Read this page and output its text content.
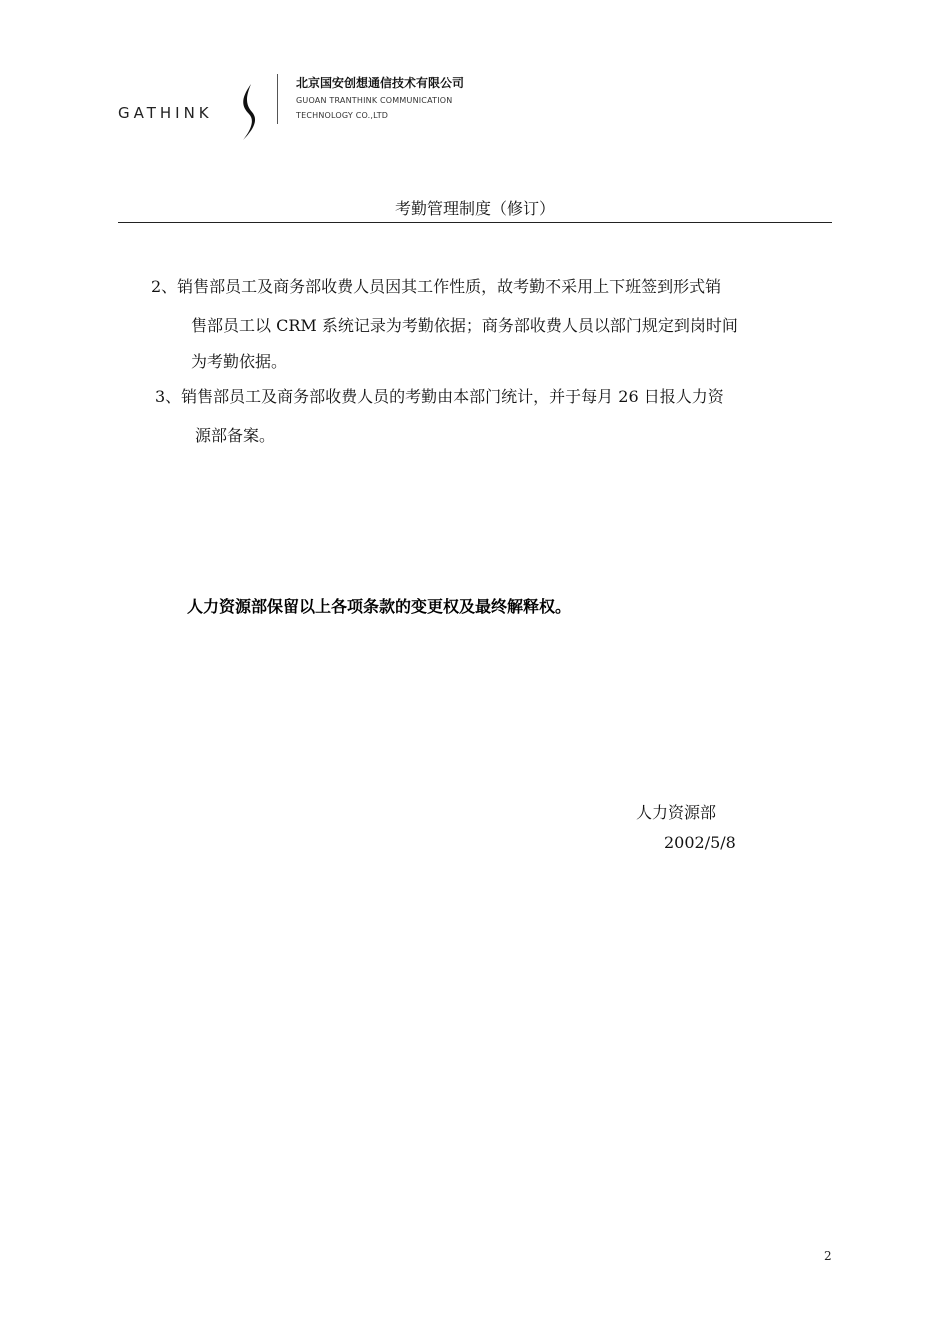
GATHINK
北京国安创想通信技术有限公司
GUOAN TRANTHINK COMMUNICATION
TECHNOLOGY CO.,LTD
考勤管理制度（修订）
2、销售部员工及商务部收费人员因其工作性质，故考勤不采用上下班签到形式销
售部员工以 CRM 系统记录为考勤依据；商务部收费人员以部门规定到岗时间
为考勤依据。
3、销售部员工及商务部收费人员的考勤由本部门统计，并于每月 26 日报人力资
源部备案。
人力资源部保留以上各项条款的变更权及最终解释权。
人力资源部
2002/5/8
2
